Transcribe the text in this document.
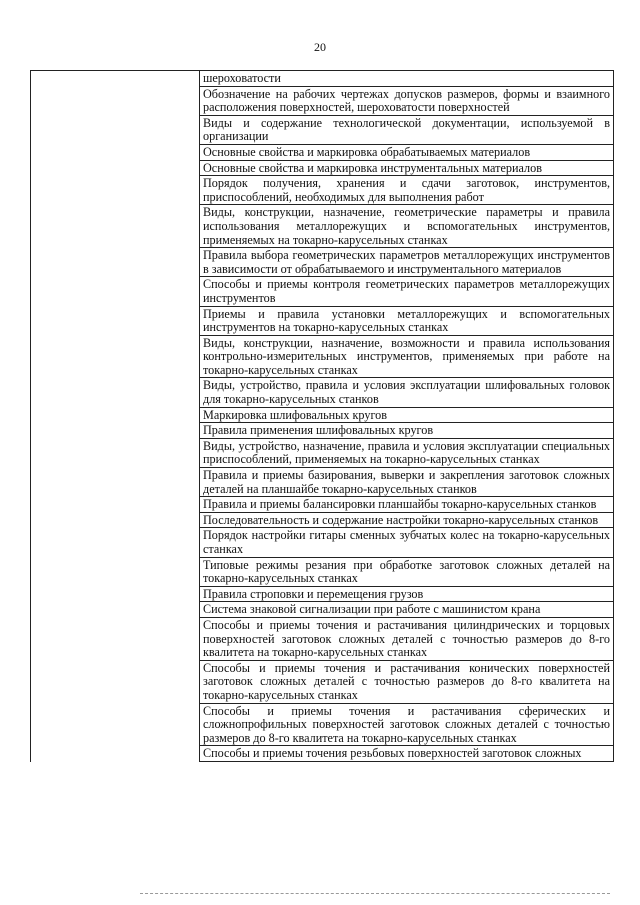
20
шероховатости
Обозначение на рабочих чертежах допусков размеров, формы и взаимного расположения поверхностей, шероховатости поверхностей
Виды и содержание технологической документации, используемой в организации
Основные свойства и маркировка обрабатываемых материалов
Основные свойства и маркировка инструментальных материалов
Порядок получения, хранения и сдачи заготовок, инструментов, приспособлений, необходимых для выполнения работ
Виды, конструкции, назначение, геометрические параметры и правила использования металлорежущих и вспомогательных инструментов, применяемых на токарно-карусельных станках
Правила выбора геометрических параметров металлорежущих инструментов в зависимости от обрабатываемого и инструментального материалов
Способы и приемы контроля геометрических параметров металлорежущих инструментов
Приемы и правила установки металлорежущих и вспомогательных инструментов на токарно-карусельных станках
Виды, конструкции, назначение, возможности и правила использования контрольно-измерительных инструментов, применяемых при работе на токарно-карусельных станках
Виды, устройство, правила и условия эксплуатации шлифовальных головок для токарно-карусельных станков
Маркировка шлифовальных кругов
Правила применения шлифовальных кругов
Виды, устройство, назначение, правила и условия эксплуатации специальных приспособлений, применяемых на токарно-карусельных станках
Правила и приемы базирования, выверки и закрепления заготовок сложных деталей на планшайбе токарно-карусельных станков
Правила и приемы балансировки планшайбы токарно-карусельных станков
Последовательность и содержание настройки токарно-карусельных станков
Порядок настройки гитары сменных зубчатых колес на токарно-карусельных станках
Типовые режимы резания при обработке заготовок сложных деталей на токарно-карусельных станках
Правила строповки и перемещения грузов
Система знаковой сигнализации при работе с машинистом крана
Способы и приемы точения и растачивания цилиндрических и торцовых поверхностей заготовок сложных деталей с точностью размеров до 8-го квалитета на токарно-карусельных станках
Способы и приемы точения и растачивания конических поверхностей заготовок сложных деталей с точностью размеров до 8-го квалитета на токарно-карусельных станках
Способы и приемы точения и растачивания сферических и сложнопрофильных поверхностей заготовок сложных деталей с точностью размеров до 8-го квалитета на токарно-карусельных станках
Способы и приемы точения резьбовых поверхностей заготовок сложных
